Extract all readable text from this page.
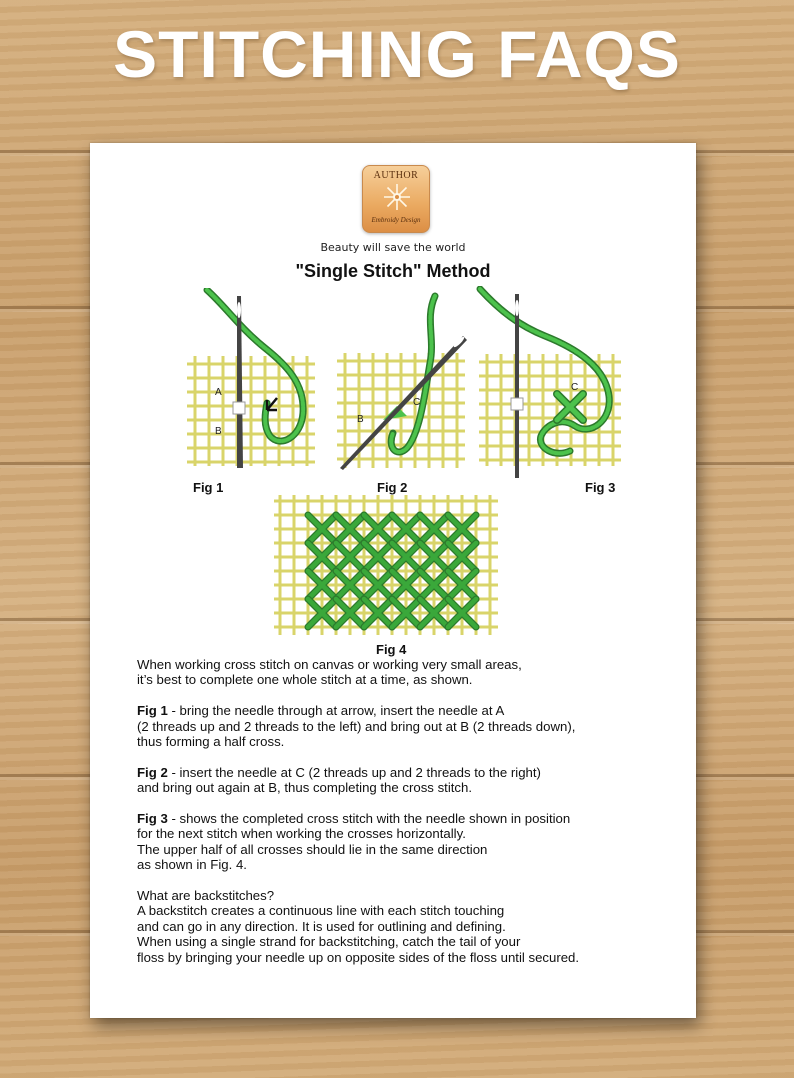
STITCHING FAQS
AUTHOR
Embroidy Design
Beauty will save the world
"Single Stitch" Method
A
B
Fig 1
B
C
Fig 2
C
Fig 3
Fig 4

When working cross stitch on canvas or working very small areas,
it’s best to complete one whole stitch at a time, as shown.

Fig 1 - bring the needle through at arrow, insert the needle at A
(2 threads up and 2 threads to the left) and bring out at B (2 threads down),
thus forming a half cross.

Fig 2 - insert the needle at C (2 threads up and 2 threads to the right)
and bring out again at B, thus completing the cross stitch.

Fig 3 - shows the completed cross stitch with the needle shown in position
for the next stitch when working the crosses horizontally.
The upper half of all crosses should lie in the same direction
as shown in Fig. 4.

What are backstitches?
A backstitch creates a continuous line with each stitch touching
and can go in any direction. It is used for outlining and defining.
When using a single strand for backstitching, catch the tail of your
floss by bringing your needle up on opposite sides of the floss until secured.
